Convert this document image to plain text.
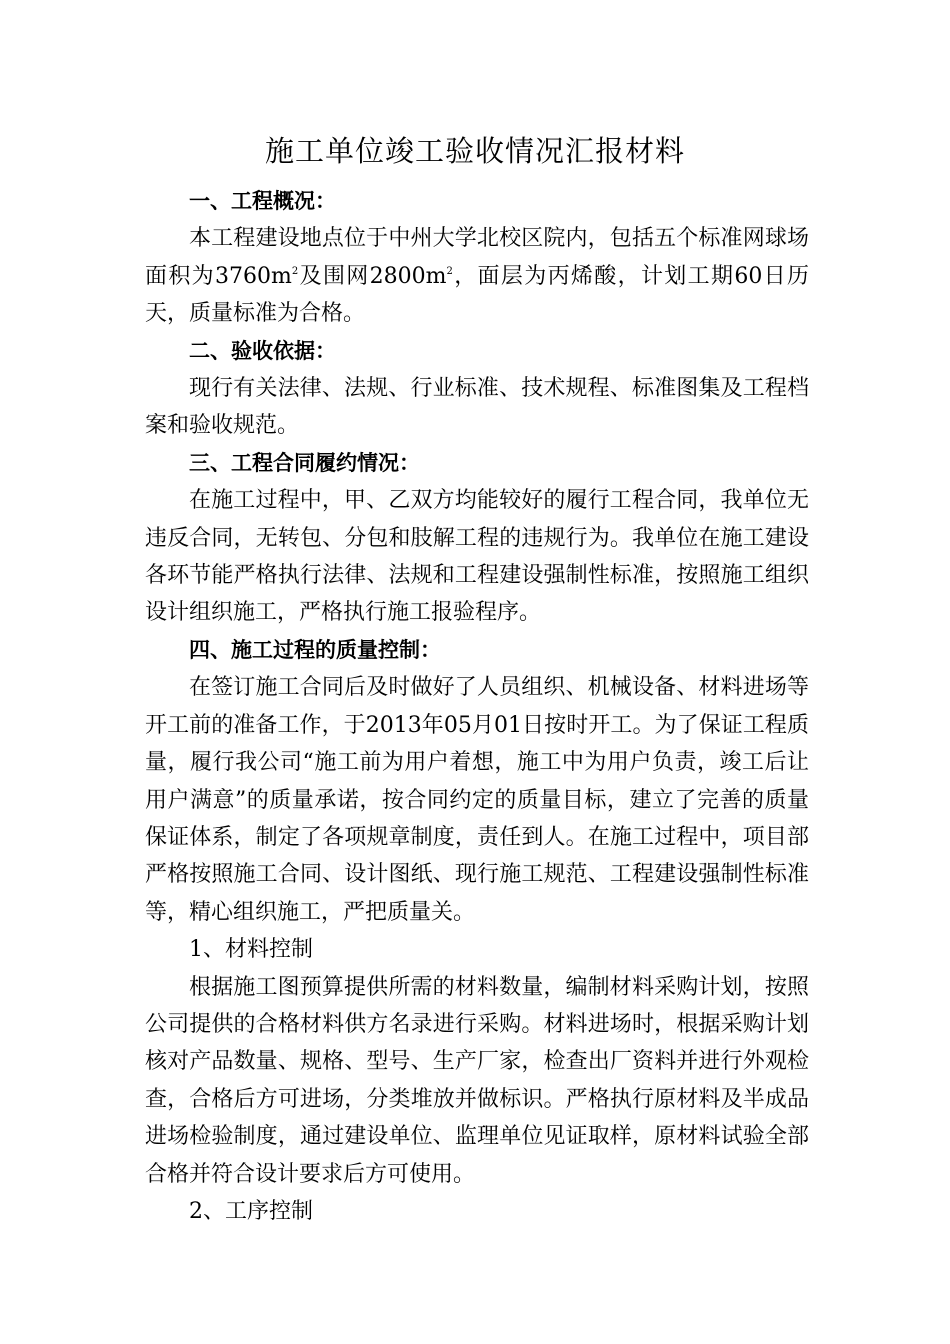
施工单位竣工验收情况汇报材料

一、工程概况：

本工程建设地点位于中州大学北校区院内，包括五个标准网球场面积为$3760m^2$及围网$2800m^2$，面层为丙烯酸，计划工期60日历天，质量标准为合格。

二、验收依据：

现行有关法律、法规、行业标准、技术规程、标准图集及工程档案和验收规范。

三、工程合同履约情况：

在施工过程中，甲、乙双方均能较好的履行工程合同，我单位无违反合同，无转包、分包和肢解工程的违规行为。我单位在施工建设各环节能严格执行法律、法规和工程建设强制性标准，按照施工组织设计组织施工，严格执行施工报验程序。

四、施工过程的质量控制：

在签订施工合同后及时做好了人员组织、机械设备、材料进场等开工前的准备工作，于2013年05月01日按时开工。为了保证工程质量，履行我公司“施工前为用户着想，施工中为用户负责，竣工后让用户满意”的质量承诺，按合同约定的质量目标，建立了完善的质量保证体系，制定了各项规章制度，责任到人。在施工过程中，项目部严格按照施工合同、设计图纸、现行施工规范、工程建设强制性标准等，精心组织施工，严把质量关。

1、材料控制

根据施工图预算提供所需的材料数量，编制材料采购计划，按照公司提供的合格材料供方名录进行采购。材料进场时，根据采购计划核对产品数量、规格、型号、生产厂家，检查出厂资料并进行外观检查，合格后方可进场，分类堆放并做标识。严格执行原材料及半成品进场检验制度，通过建设单位、监理单位见证取样，原材料试验全部合格并符合设计要求后方可使用。

2、工序控制
